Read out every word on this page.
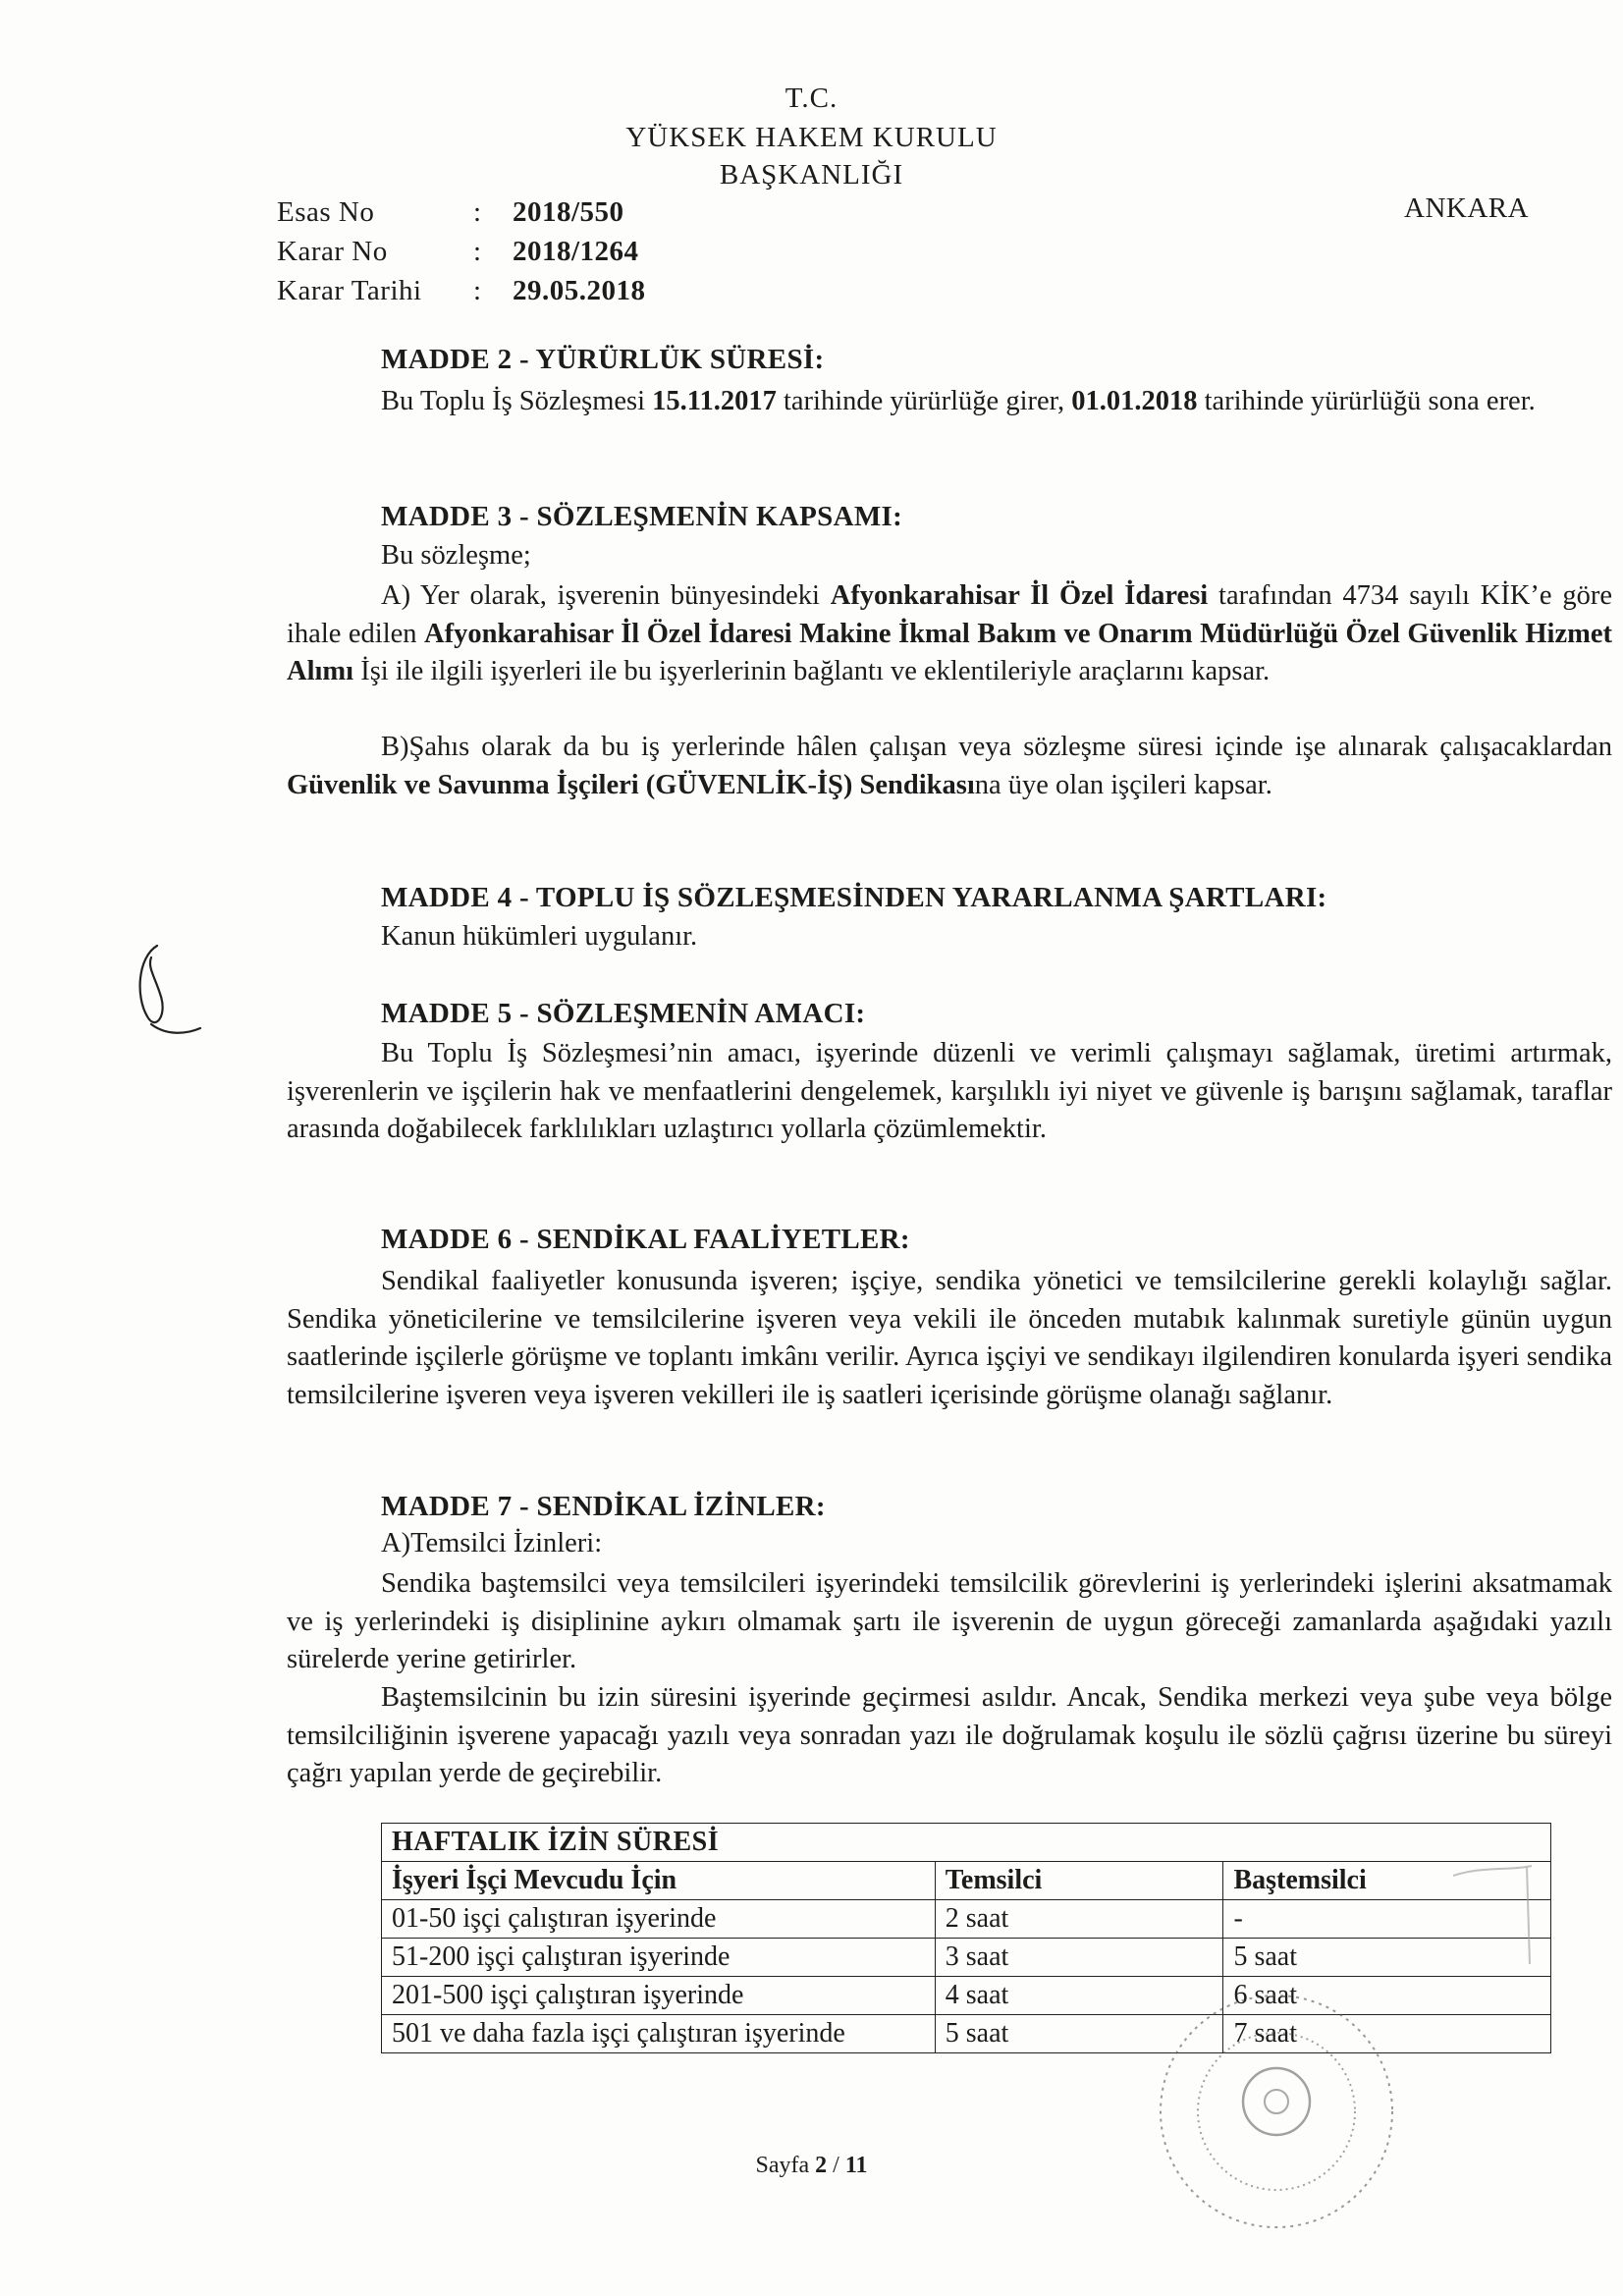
T.C.
YÜKSEK HAKEM KURULU
BAŞKANLIĞI
ANKARA
Esas No	: 2018/550
Karar No	: 2018/1264
Karar Tarihi : 29.05.2018
MADDE 2 - YÜRÜRLÜK SÜRESİ:

Bu Toplu İş Sözleşmesi 15.11.2017 tarihinde yürürlüğe girer, 01.01.2018 tarihinde yürürlüğü sona erer.

MADDE 3 - SÖZLEŞMENİN KAPSAMI:
Bu sözleşme;

A) Yer olarak, işverenin bünyesindeki Afyonkarahisar İl Özel İdaresi tarafından 4734 sayılı KİK’e göre ihale edilen Afyonkarahisar İl Özel İdaresi Makine İkmal Bakım ve Onarım Müdürlüğü Özel Güvenlik Hizmet Alımı İşi ile ilgili işyerleri ile bu işyerlerinin bağlantı ve eklentileriyle araçlarını kapsar.

B)Şahıs olarak da bu iş yerlerinde hâlen çalışan veya sözleşme süresi içinde işe alınarak çalışacaklardan Güvenlik ve Savunma İşçileri (GÜVENLİK-İŞ) Sendikasına üye olan işçileri kapsar.

MADDE 4 - TOPLU İŞ SÖZLEŞMESİNDEN YARARLANMA ŞARTLARI:
Kanun hükümleri uygulanır.
MADDE 5 - SÖZLEŞMENİN AMACI:

Bu Toplu İş Sözleşmesi’nin amacı, işyerinde düzenli ve verimli çalışmayı sağlamak, üretimi artırmak, işverenlerin ve işçilerin hak ve menfaatlerini dengelemek, karşılıklı iyi niyet ve güvenle iş barışını sağlamak, taraflar arasında doğabilecek farklılıkları uzlaştırıcı yollarla çözümlemektir.

MADDE 6 - SENDİKAL FAALİYETLER:

Sendikal faaliyetler konusunda işveren; işçiye, sendika yönetici ve temsilcilerine gerekli kolaylığı sağlar. Sendika yöneticilerine ve temsilcilerine işveren veya vekili ile önceden mutabık kalınmak suretiyle günün uygun saatlerinde işçilerle görüşme ve toplantı imkânı verilir. Ayrıca işçiyi ve sendikayı ilgilendiren konularda işyeri sendika temsilcilerine işveren veya işveren vekilleri ile iş saatleri içerisinde görüşme olanağı sağlanır.

MADDE 7 - SENDİKAL İZİNLER:
A)Temsilci İzinleri:

Sendika baştemsilci veya temsilcileri işyerindeki temsilcilik görevlerini iş yerlerindeki işlerini aksatmamak ve iş yerlerindeki iş disiplinine aykırı olmamak şartı ile işverenin de uygun göreceği zamanlarda aşağıdaki yazılı sürelerde yerine getirirler.

Baştemsilcinin bu izin süresini işyerinde geçirmesi asıldır. Ancak, Sendika merkezi veya şube veya bölge temsilciliğinin işverene yapacağı yazılı veya sonradan yazı ile doğrulamak koşulu ile sözlü çağrısı üzerine bu süreyi çağrı yapılan yerde de geçirebilir.

HAFTALIK İZİN SÜRESİ		
İşyeri İşçi Mevcudu İçin	Temsilci	Baştemsilci
01-50 işçi çalıştıran işyerinde	2 saat	-
51-200 işçi çalıştıran işyerinde	3 saat	5 saat
201-500 işçi çalıştıran işyerinde	4 saat	6 saat
501 ve daha fazla işçi çalıştıran işyerinde	5 saat	7 saat
Sayfa 2 / 11
